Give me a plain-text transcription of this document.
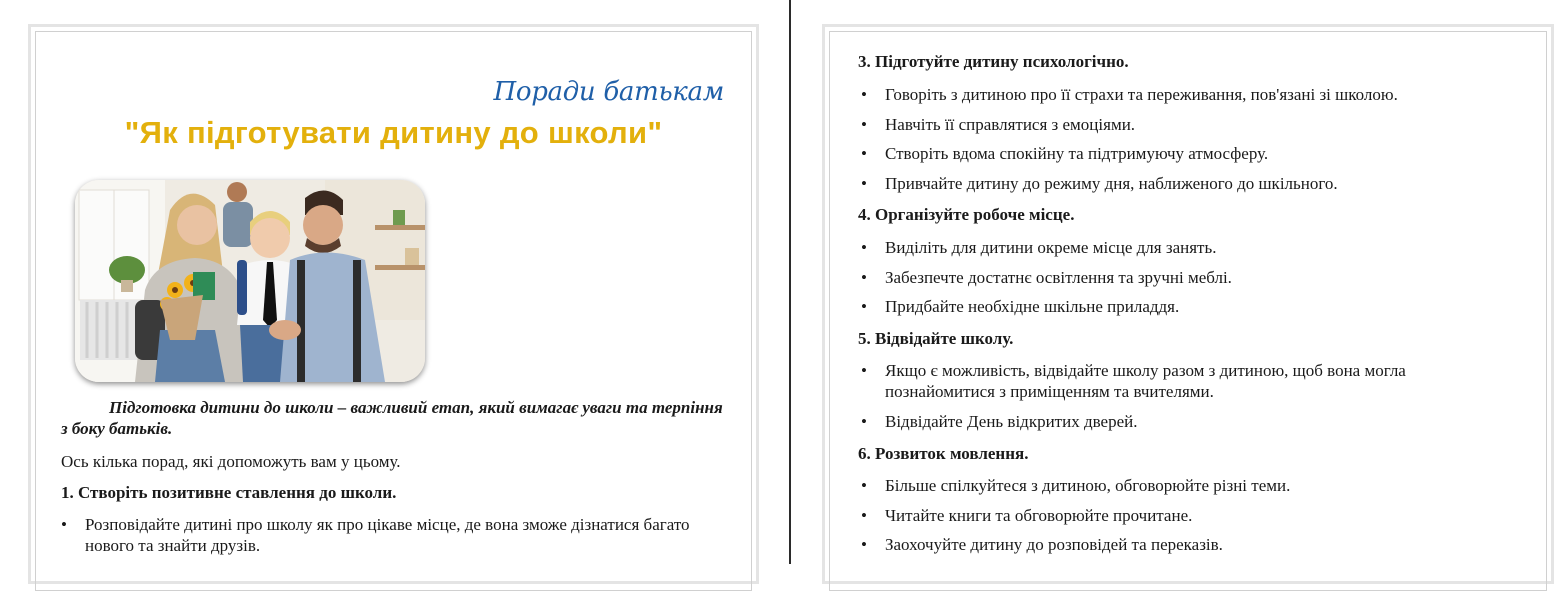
Поради батькам
"Як підготувати дитину до школи"
Підготовка дитини до школи – важливий етап, який вимагає уваги та терпіння з боку батьків.
Ось кілька порад, які допоможуть вам у цьому.
1. Створіть позитивне ставлення до школи.
• Розповідайте дитині про школу як про цікаве місце, де вона зможе дізнатися багато нового та знайти друзів.
3. Підготуйте дитину психологічно.
• Говоріть з дитиною про її страхи та переживання, пов'язані зі школою.
• Навчіть її справлятися з емоціями.
• Створіть вдома спокійну та підтримуючу атмосферу.
• Привчайте дитину до режиму дня, наближеного до шкільного.
4. Організуйте робоче місце.
• Виділіть для дитини окреме місце для занять.
• Забезпечте достатнє освітлення та зручні меблі.
• Придбайте необхідне шкільне приладдя.
5. Відвідайте школу.
• Якщо є можливість, відвідайте школу разом з дитиною, щоб вона могла познайомитися з приміщенням та вчителями.
• Відвідайте День відкритих дверей.
6. Розвиток мовлення.
• Більше спілкуйтеся з дитиною, обговорюйте різні теми.
• Читайте книги та обговорюйте прочитане.
• Заохочуйте дитину до розповідей та переказів.
